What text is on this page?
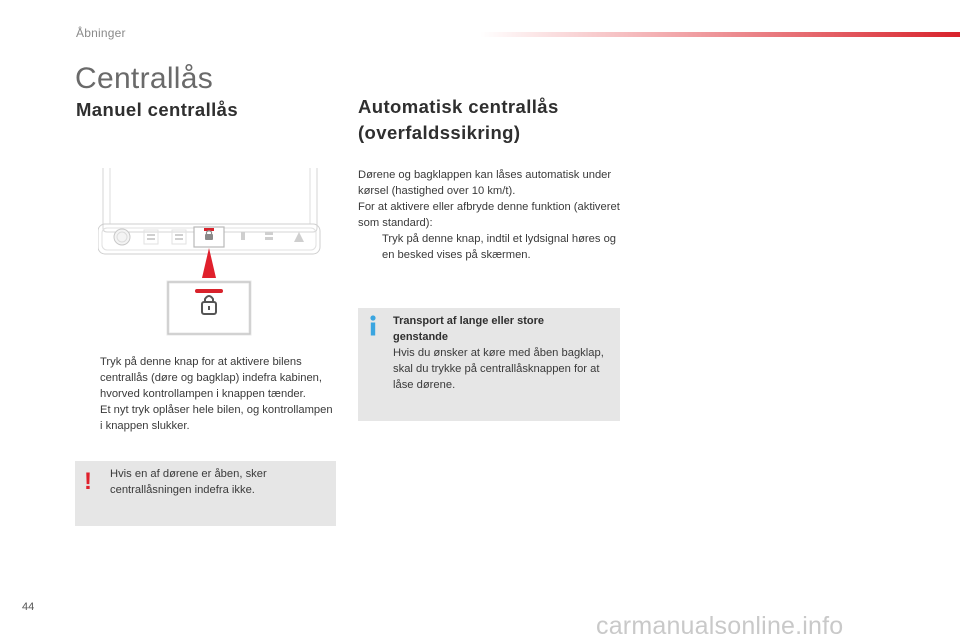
Åbninger
Centrallås
Manuel centrallås	Automatisk centrallås (overfaldssikring)
Tryk på denne knap for at aktivere bilens centrallås (døre og bagklap) indefra kabinen, hvorved kontrollampen i knappen tænder.
Et nyt tryk oplåser hele bilen, og kontrollampen i knappen slukker.
! Hvis en af dørene er åben, sker centrallåsningen indefra ikke.
Dørene og bagklappen kan låses automatisk under kørsel (hastighed over 10 km/t).
For at aktivere eller afbryde denne funktion (aktiveret som standard):
Tryk på denne knap, indtil et lydsignal høres og en besked vises på skærmen.
Transport af lange eller store genstande
Hvis du ønsker at køre med åben bagklap, skal du trykke på centrallåsknappen for at låse dørene.
44
carmanualsonline.info
